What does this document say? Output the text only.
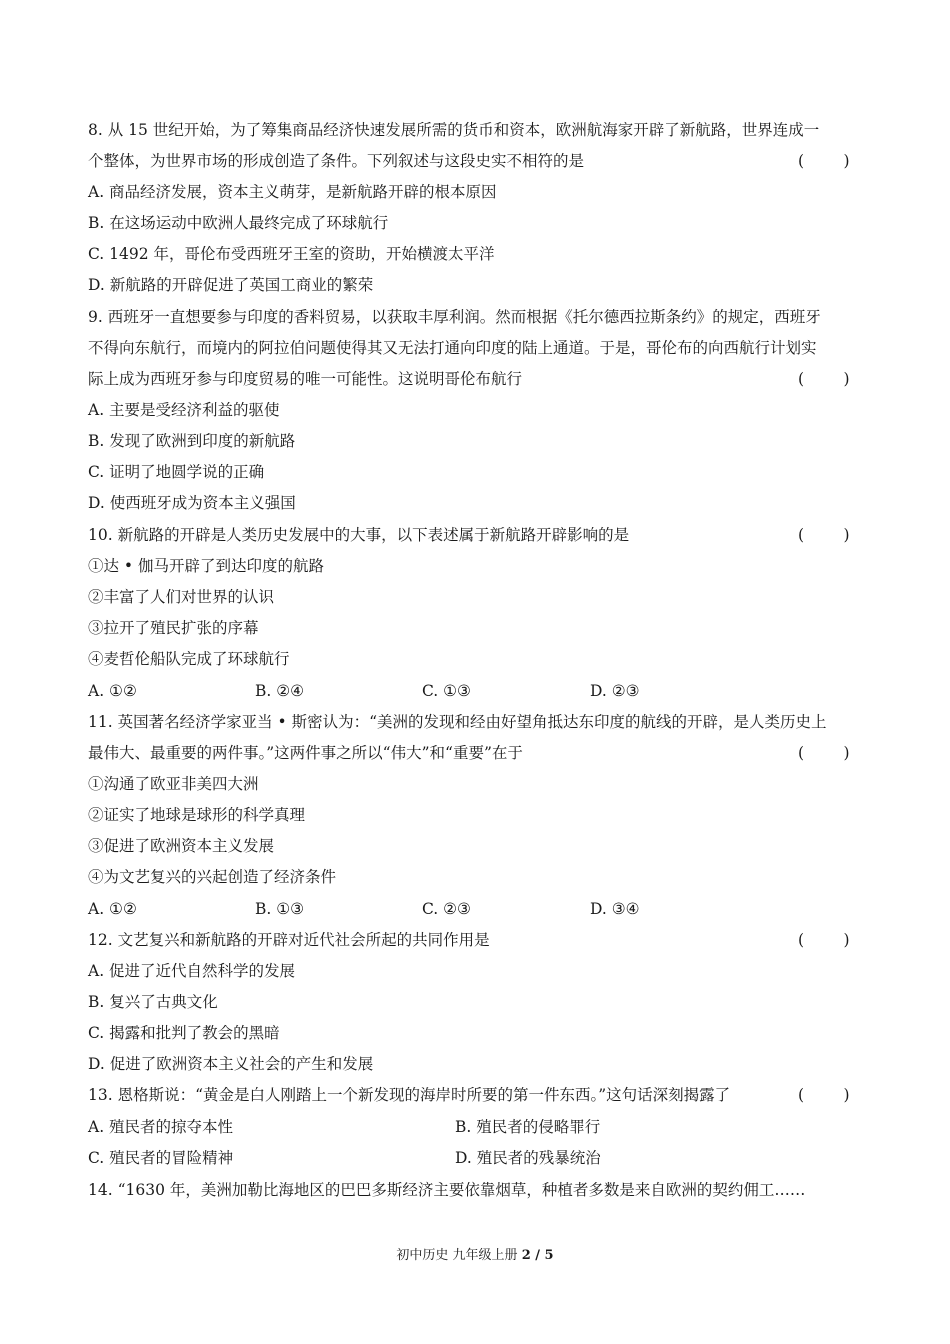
8. 从 15 世纪开始，为了筹集商品经济快速发展所需的货币和资本，欧洲航海家开辟了新航路，世界连成一
个整体，为世界市场的形成创造了条件。下列叙述与这段史实不相符的是	(        )
A. 商品经济发展，资本主义萌芽，是新航路开辟的根本原因
B. 在这场运动中欧洲人最终完成了环球航行
C. 1492 年，哥伦布受西班牙王室的资助，开始横渡太平洋
D. 新航路的开辟促进了英国工商业的繁荣
9. 西班牙一直想要参与印度的香料贸易，以获取丰厚利润。然而根据《托尔德西拉斯条约》的规定，西班牙
不得向东航行，而境内的阿拉伯问题使得其又无法打通向印度的陆上通道。于是，哥伦布的向西航行计划实
际上成为西班牙参与印度贸易的唯一可能性。这说明哥伦布航行	(        )
A. 主要是受经济利益的驱使
B. 发现了欧洲到印度的新航路
C. 证明了地圆学说的正确
D. 使西班牙成为资本主义强国
10. 新航路的开辟是人类历史发展中的大事，以下表述属于新航路开辟影响的是	(        )
①达 • 伽马开辟了到达印度的航路
②丰富了人们对世界的认识
③拉开了殖民扩张的序幕
④麦哲伦船队完成了环球航行
A. ①②	B. ②④	C. ①③	D. ②③
11. 英国著名经济学家亚当 • 斯密认为：“美洲的发现和经由好望角抵达东印度的航线的开辟，是人类历史上
最伟大、最重要的两件事。”这两件事之所以“伟大”和“重要”在于	(        )
①沟通了欧亚非美四大洲
②证实了地球是球形的科学真理
③促进了欧洲资本主义发展
④为文艺复兴的兴起创造了经济条件
A. ①②	B. ①③	C. ②③	D. ③④
12. 文艺复兴和新航路的开辟对近代社会所起的共同作用是	(        )
A. 促进了近代自然科学的发展
B. 复兴了古典文化
C. 揭露和批判了教会的黑暗
D. 促进了欧洲资本主义社会的产生和发展
13. 恩格斯说：“黄金是白人刚踏上一个新发现的海岸时所要的第一件东西。”这句话深刻揭露了	(        )
A. 殖民者的掠夺本性	B. 殖民者的侵略罪行
C. 殖民者的冒险精神	D. 殖民者的残暴统治
14. “1630 年，美洲加勒比海地区的巴巴多斯经济主要依靠烟草，种植者多数是来自欧洲的契约佣工……
初中历史 九年级上册 2 / 5
